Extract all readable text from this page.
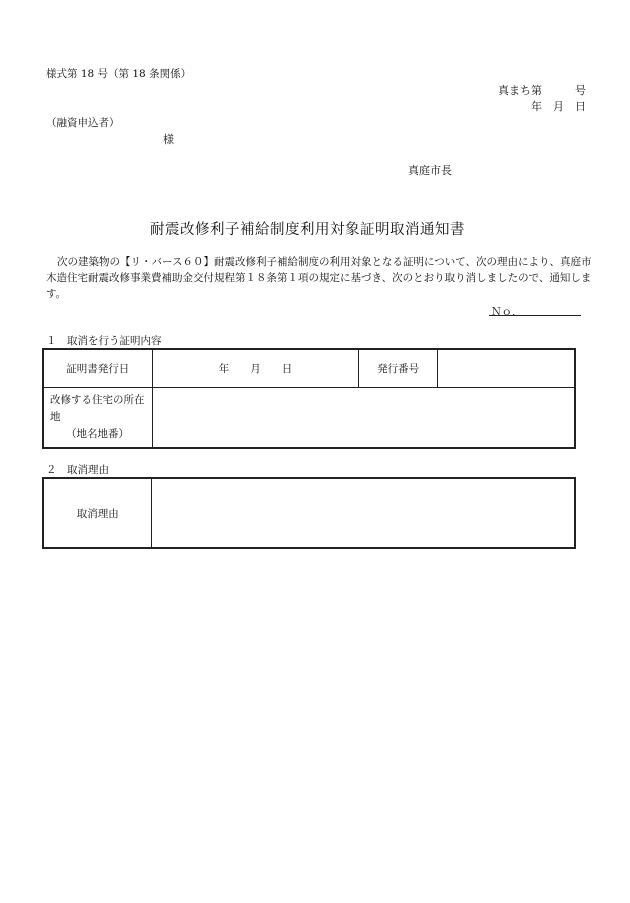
様式第 18 号（第 18 条関係）
真まち第　　　号
年　月　日
（融資申込者）
様
真庭市長
耐震改修利子補給制度利用対象証明取消通知書
次の建築物の【リ・バース６０】耐震改修利子補給制度の利用対象となる証明について、次の理由により、真庭市木造住宅耐震改修事業費補助金交付規程第１８条第１項の規定に基づき、次のとおり取り消しましたので、通知します。
Ｎｏ．
１　取消を行う証明内容
証明書発行日	年　　月　　日	発行番号	
改修する住宅の所在地
（地名地番）			
２　取消理由
取消理由	
